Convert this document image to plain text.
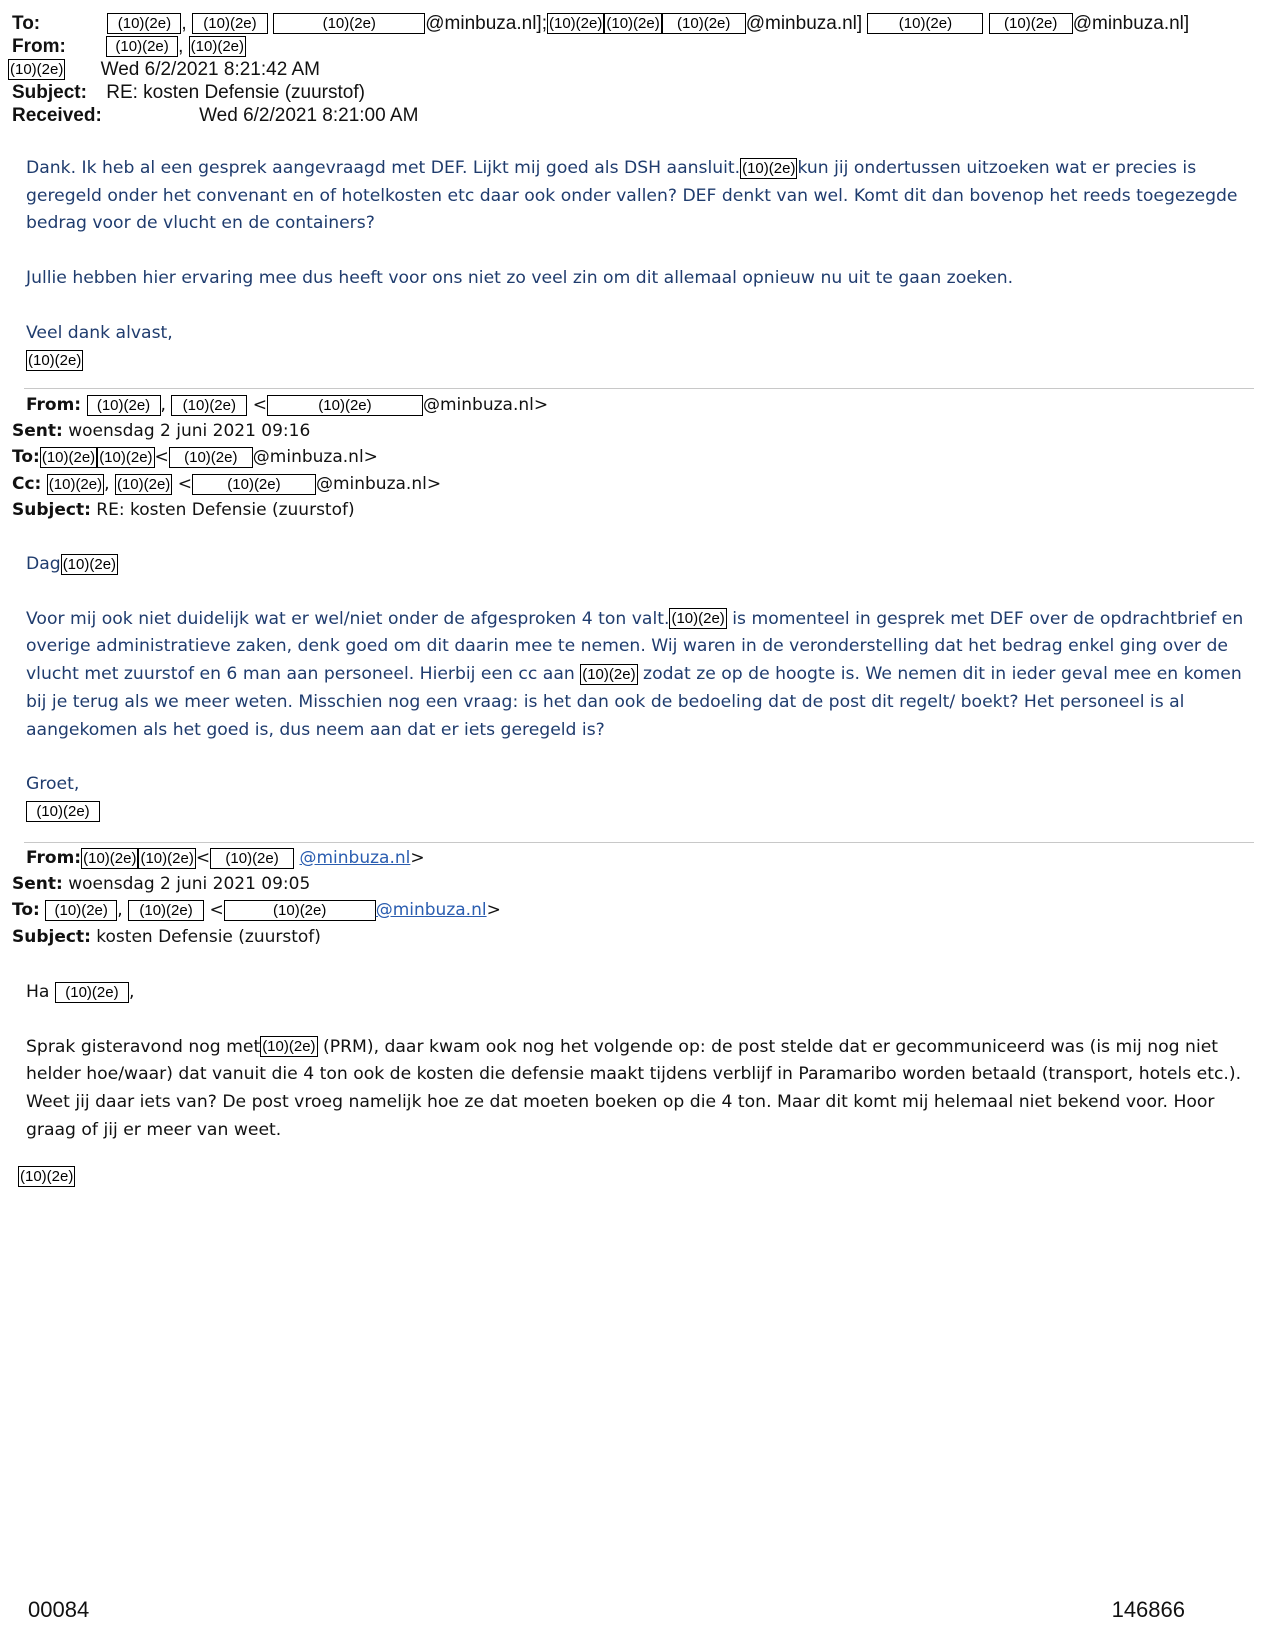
To:	(10)(2e) , (10)(2e)	(10)(2e)	@minbuza.nl]; (10)(2e) (10)(2e) (10)(2e) @minbuza.nl] (10)(2e)	(10)(2e) @minbuza.nl]
From:	(10)(2e) , (10)(2e)
(10)(2e) Wed 6/2/2021 8:21:42 AM
Subject: RE: kosten Defensie (zuurstof)
Received:	Wed 6/2/2021 8:21:00 AM

Dank. Ik heb al een gesprek aangevraagd met DEF. Lijkt mij goed als DSH aansluit. (10)(2e) kun jij ondertussen uitzoeken wat er precies is geregeld onder het convenant en of hotelkosten etc daar ook onder vallen? DEF denkt van wel. Komt dit dan bovenop het reeds toegezegde bedrag voor de vlucht en de containers?

Jullie hebben hier ervaring mee dus heeft voor ons niet zo veel zin om dit allemaal opnieuw nu uit te gaan zoeken.

Veel dank alvast,

(10)(2e)

From: (10)(2e) , (10)(2e) <	(10)(2e)	@minbuza.nl>
Sent: woensdag 2 juni 2021 09:16
To: (10)(2e) (10)(2e) < (10)(2e) @minbuza.nl>
Cc: (10)(2e) , (10)(2e) < (10)(2e) @minbuza.nl>
Subject: RE: kosten Defensie (zuurstof)

Dag (10)(2e)

Voor mij ook niet duidelijk wat er wel/niet onder de afgesproken 4 ton valt. (10)(2e) is momenteel in gesprek met DEF over de opdrachtbrief en overige administratieve zaken, denk goed om dit daarin mee te nemen. Wij waren in de veronderstelling dat het bedrag enkel ging over de vlucht met zuurstof en 6 man aan personeel. Hierbij een cc aan (10)(2e) zodat ze op de hoogte is. We nemen dit in ieder geval mee en komen bij je terug als we meer weten. Misschien nog een vraag: is het dan ook de bedoeling dat de post dit regelt/ boekt? Het personeel is al aangekomen als het goed is, dus neem aan dat er iets geregeld is?

Groet,

(10)(2e)

From: (10)(2e) (10)(2e) < (10)(2e) @minbuza.nl>
Sent: woensdag 2 juni 2021 09:05
To: (10)(2e) , (10)(2e) <	(10)(2e)	@minbuza.nl>
Subject: kosten Defensie (zuurstof)

Ha (10)(2e) ,

Sprak gisteravond nog met (10)(2e) (PRM), daar kwam ook nog het volgende op: de post stelde dat er gecommuniceerd was (is mij nog niet helder hoe/waar) dat vanuit die 4 ton ook de kosten die defensie maakt tijdens verblijf in Paramaribo worden betaald (transport, hotels etc.). Weet jij daar iets van? De post vroeg namelijk hoe ze dat moeten boeken op die 4 ton. Maar dit komt mij helemaal niet bekend voor. Hoor graag of jij er meer van weet.

(10)(2e)
00084	146866
